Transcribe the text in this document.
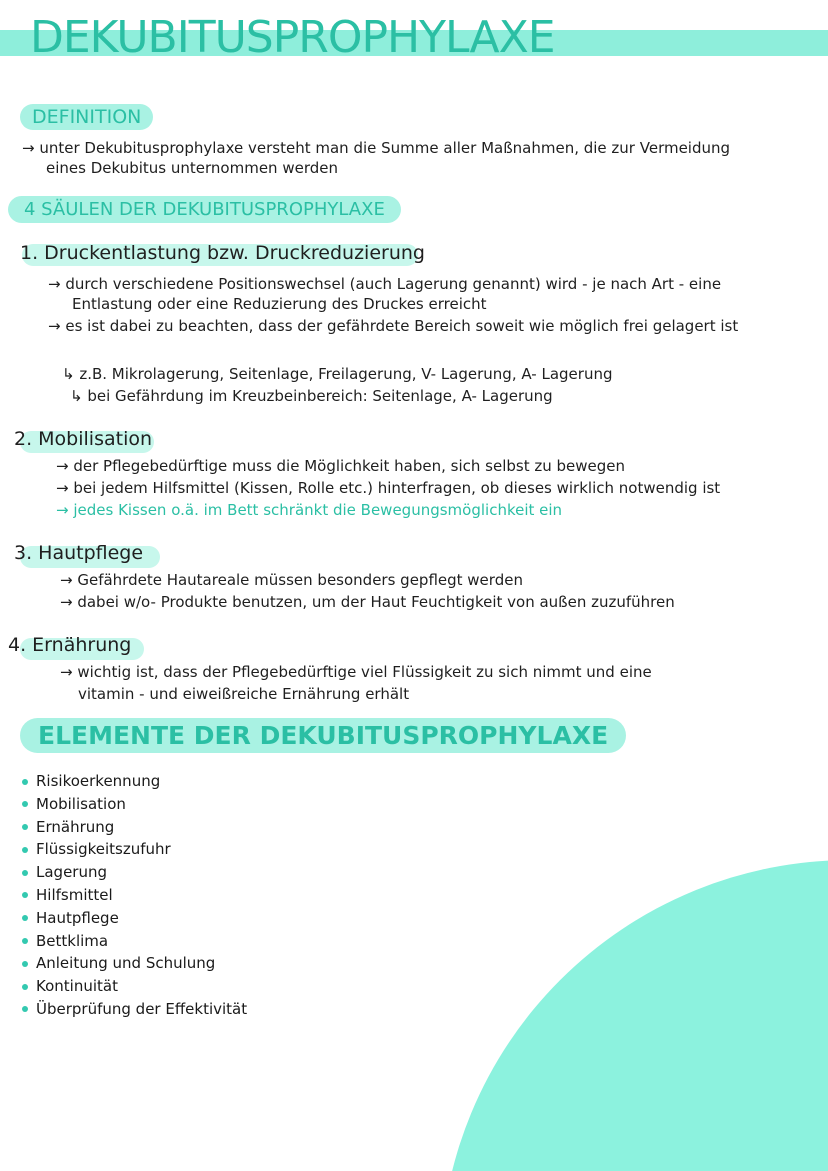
DEKUBITUSPROPHYLAXE
DEFINITION
→ unter Dekubitusprophylaxe versteht man die Summe aller Maßnahmen, die zur Vermeidung
eines Dekubitus unternommen werden
4 SÄULEN DER DEKUBITUSPROPHYLAXE
1. Druckentlastung bzw. Druckreduzierung
→ durch verschiedene Positionswechsel (auch Lagerung genannt) wird - je nach Art - eine
Entlastung oder eine Reduzierung des Druckes erreicht
→ es ist dabei zu beachten, dass der gefährdete Bereich soweit wie möglich frei gelagert ist
↳ z.B. Mikrolagerung, Seitenlage, Freilagerung, V- Lagerung, A- Lagerung
↳ bei Gefährdung im Kreuzbeinbereich: Seitenlage, A- Lagerung
2. Mobilisation
→ der Pflegebedürftige muss die Möglichkeit haben, sich selbst zu bewegen
→ bei jedem Hilfsmittel (Kissen, Rolle etc.) hinterfragen, ob dieses wirklich notwendig ist
→ jedes Kissen o.ä. im Bett schränkt die Bewegungsmöglichkeit ein
3. Hautpflege
→ Gefährdete Hautareale müssen besonders gepflegt werden
→ dabei w/o- Produkte benutzen, um der Haut Feuchtigkeit von außen zuzuführen
4. Ernährung
→ wichtig ist, dass der Pflegebedürftige viel Flüssigkeit zu sich nimmt und eine
vitamin - und eiweißreiche Ernährung erhält
ELEMENTE DER DEKUBITUSPROPHYLAXE
Risikoerkennung
Mobilisation
Ernährung
Flüssigkeitszufuhr
Lagerung
Hilfsmittel
Hautpflege
Bettklima
Anleitung und Schulung
Kontinuität
Überprüfung der Effektivität
